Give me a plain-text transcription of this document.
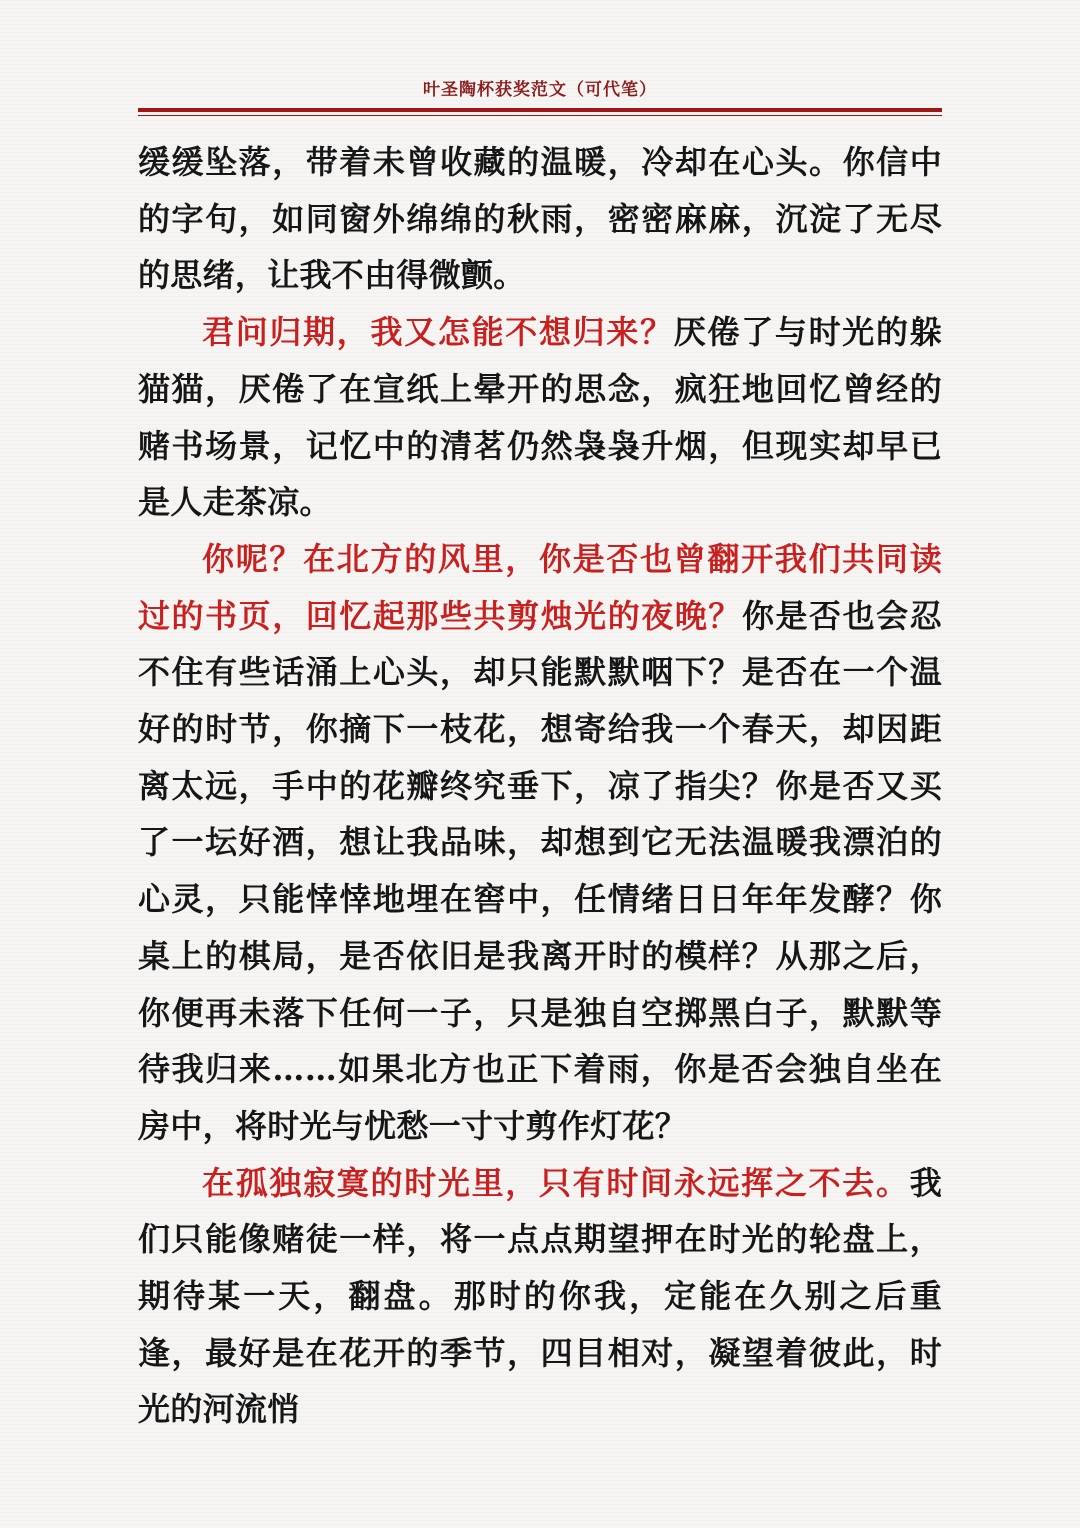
叶圣陶杯获奖范文（可代笔）

缓缓坠落，带着未曾收藏的温暖，冷却在心头。你信中的字句，如同窗外绵绵的秋雨，密密麻麻，沉淀了无尽的思绪，让我不由得微颤。

君问归期，我又怎能不想归来？厌倦了与时光的躲猫猫，厌倦了在宣纸上晕开的思念，疯狂地回忆曾经的赌书场景，记忆中的清茗仍然袅袅升烟，但现实却早已是人走茶凉。

你呢？在北方的风里，你是否也曾翻开我们共同读过的书页，回忆起那些共剪烛光的夜晚？你是否也会忍不住有些话涌上心头，却只能默默咽下？是否在一个温好的时节，你摘下一枝花，想寄给我一个春天，却因距离太远，手中的花瓣终究垂下，凉了指尖？你是否又买了一坛好酒，想让我品味，却想到它无法温暖我漂泊的心灵，只能悻悻地埋在窖中，任情绪日日年年发酵？你桌上的棋局，是否依旧是我离开时的模样？从那之后，你便再未落下任何一子，只是独自空掷黑白子，默默等待我归来……如果北方也正下着雨，你是否会独自坐在房中，将时光与忧愁一寸寸剪作灯花？

在孤独寂寞的时光里，只有时间永远挥之不去。我们只能像赌徒一样，将一点点期望押在时光的轮盘上，期待某一天，翻盘。那时的你我，定能在久别之后重逢，最好是在花开的季节，四目相对，凝望着彼此，时光的河流悄
